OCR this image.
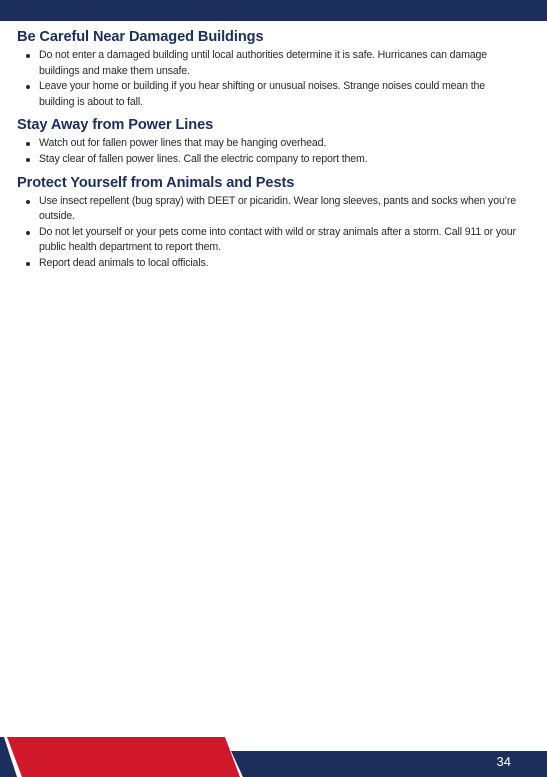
Be Careful Near Damaged Buildings
Do not enter a damaged building until local authorities determine it is safe. Hurricanes can damage buildings and make them unsafe.
Leave your home or building if you hear shifting or unusual noises. Strange noises could mean the building is about to fall.
Stay Away from Power Lines
Watch out for fallen power lines that may be hanging overhead.
Stay clear of fallen power lines. Call the electric company to report them.
Protect Yourself from Animals and Pests
Use insect repellent (bug spray) with DEET or picaridin. Wear long sleeves, pants and socks when you’re outside.
Do not let yourself or your pets come into contact with wild or stray animals after a storm. Call 911 or your public health department to report them.
Report dead animals to local officials.
34
